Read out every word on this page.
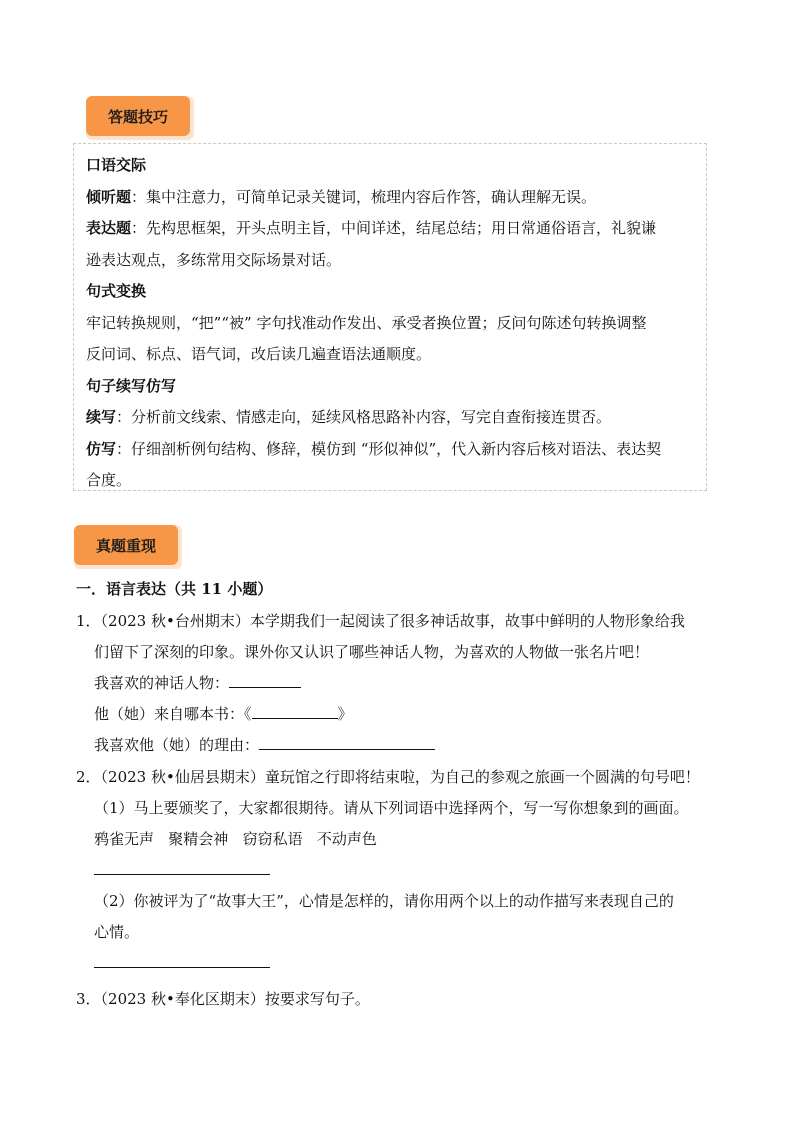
答题技巧
口语交际
倾听题：集中注意力，可简单记录关键词，梳理内容后作答，确认理解无误。
表达题：先构思框架，开头点明主旨，中间详述，结尾总结；用日常通俗语言，礼貌谦
逊表达观点，多练常用交际场景对话。
句式变换
牢记转换规则，“把”“被” 字句找准动作发出、承受者换位置；反问句陈述句转换调整
反问词、标点、语气词，改后读几遍查语法通顺度。
句子续写仿写
续写：分析前文线索、情感走向，延续风格思路补内容，写完自查衔接连贯否。
仿写：仔细剖析例句结构、修辞，模仿到 “形似神似”，代入新内容后核对语法、表达契
合度。
真题重现
一．语言表达（共 11 小题）
1．（2023 秋•台州期末）本学期我们一起阅读了很多神话故事，故事中鲜明的人物形象给我
们留下了深刻的印象。课外你又认识了哪些神话人物，为喜欢的人物做一张名片吧！
我喜欢的神话人物：
他（她）来自哪本书：《	》
我喜欢他（她）的理由：
2．（2023 秋•仙居县期末）童玩馆之行即将结束啦，为自己的参观之旅画一个圆满的句号吧！
（1）马上要颁奖了，大家都很期待。请从下列词语中选择两个，写一写你想象到的画面。
鸦雀无声   聚精会神   窃窃私语   不动声色
（2）你被评为了“故事大王”，心情是怎样的，请你用两个以上的动作描写来表现自己的
心情。
3．（2023 秋•奉化区期末）按要求写句子。
